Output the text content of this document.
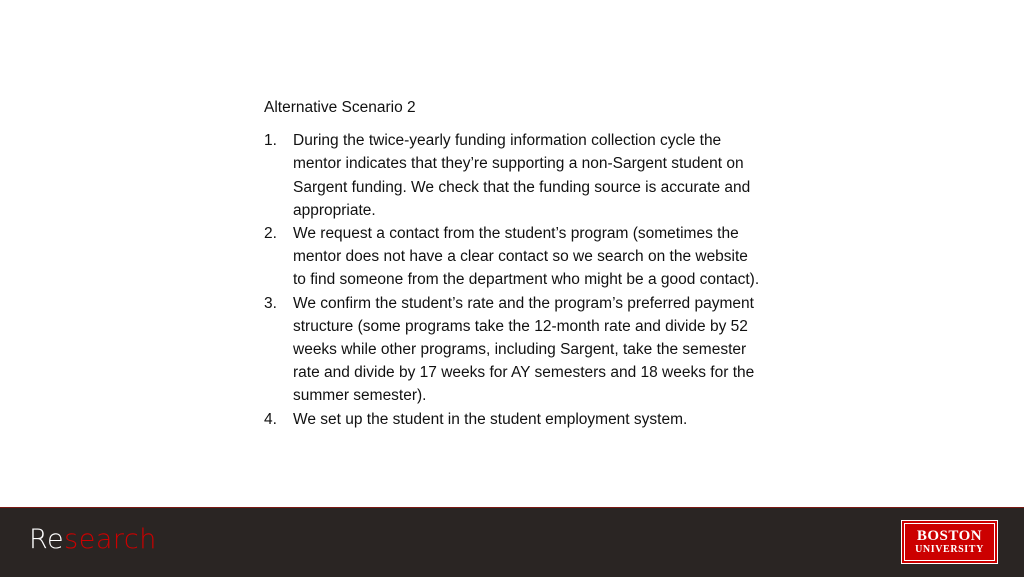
Alternative Scenario 2

1. During the twice-yearly funding information collection cycle the mentor indicates that they’re supporting a non-Sargent student on Sargent funding. We check that the funding source is accurate and appropriate.
2. We request a contact from the student’s program (sometimes the mentor does not have a clear contact so we search on the website to find someone from the department who might be a good contact).
3. We confirm the student’s rate and the program’s preferred payment structure (some programs take the 12-month rate and divide by 52 weeks while other programs, including Sargent, take the semester rate and divide by 17 weeks for AY semesters and 18 weeks for the summer semester).
4. We set up the student in the student employment system.
Research	BOSTON
UNIVERSITY
